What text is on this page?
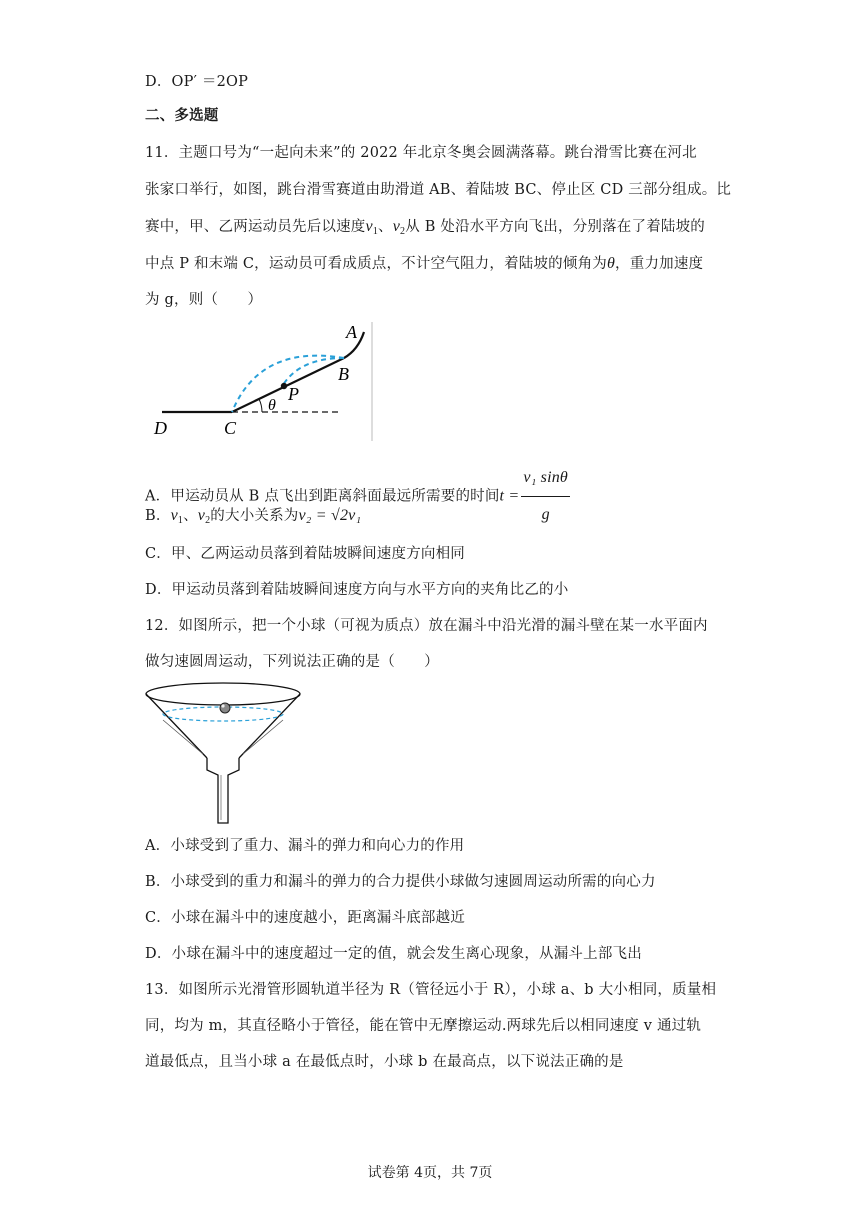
D．OP′ ＝2OP
二、多选题
11．主题口号为“一起向未来”的 2022 年北京冬奥会圆满落幕。跳台滑雪比赛在河北
张家口举行，如图，跳台滑雪赛道由助滑道 AB、着陆坡 BC、停止区 CD 三部分组成。比
赛中，甲、乙两运动员先后以速度$v_1$、$v_2$从 B 处沿水平方向飞出，分别落在了着陆坡的
中点 P 和末端 C，运动员可看成质点，不计空气阻力，着陆坡的倾角为θ，重力加速度
为 g，则（　　）
A
B
P
θ
C
D
A．甲运动员从 B 点飞出到距离斜面最远所需要的时间$t = \frac{\text{v₁ sinθ}}{g}$
B．$v_1$、$v_2$的大小关系为v₂ = √2v₁
C．甲、乙两运动员落到着陆坡瞬间速度方向相同
D．甲运动员落到着陆坡瞬间速度方向与水平方向的夹角比乙的小
12．如图所示，把一个小球（可视为质点）放在漏斗中沿光滑的漏斗壁在某一水平面内
做匀速圆周运动，下列说法正确的是（　　）
A．小球受到了重力、漏斗的弹力和向心力的作用
B．小球受到的重力和漏斗的弹力的合力提供小球做匀速圆周运动所需的向心力
C．小球在漏斗中的速度越小，距离漏斗底部越近
D．小球在漏斗中的速度超过一定的值，就会发生离心现象，从漏斗上部飞出
13．如图所示光滑管形圆轨道半径为 R（管径远小于 R），小球 a、b 大小相同，质量相
同，均为 m，其直径略小于管径，能在管中无摩擦运动.两球先后以相同速度 v 通过轨
道最低点，且当小球 a 在最低点时，小球 b 在最高点，以下说法正确的是
试卷第 4页，共 7页
